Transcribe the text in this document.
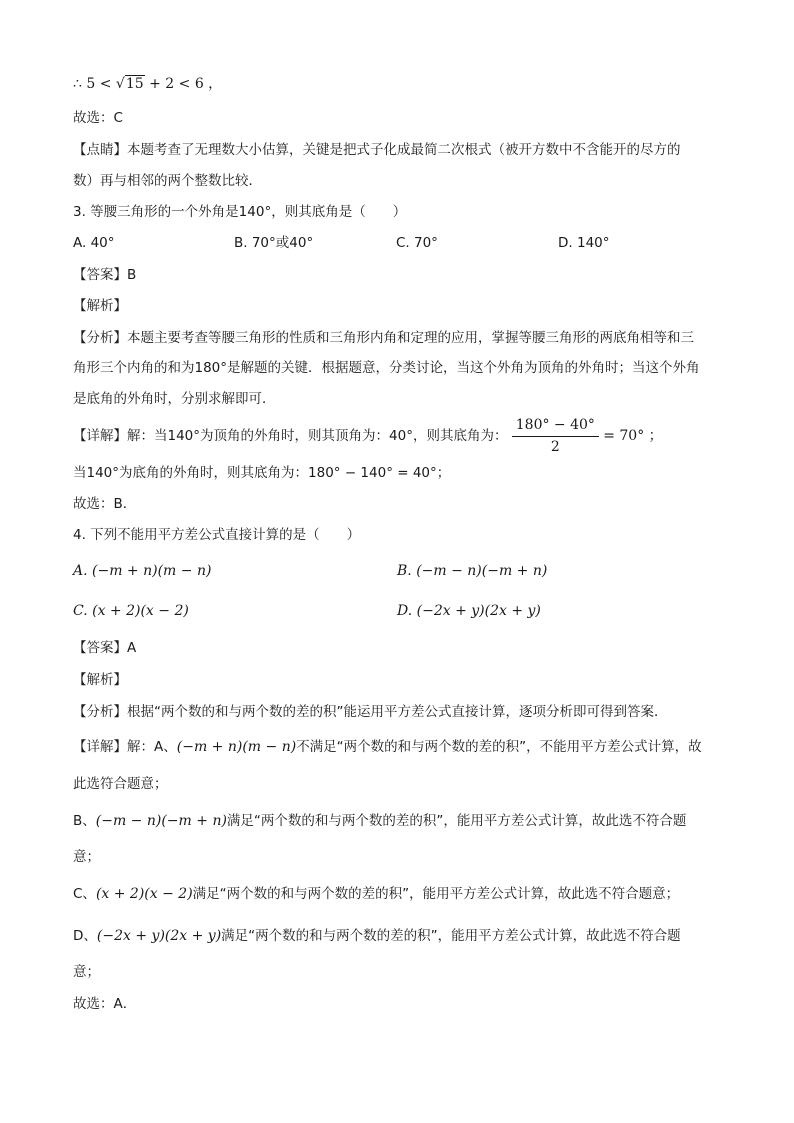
∴ 5 < √15 + 2 < 6 ，
故选：C
【点睛】本题考查了无理数大小估算，关键是把式子化成最简二次根式（被开方数中不含能开的尽方的
数）再与相邻的两个整数比较．
3. 等腰三角形的一个外角是140°，则其底角是（　　）
A. 40°	B. 70°或40°	C. 70°	D. 140°
【答案】B
【解析】
【分析】本题主要考查等腰三角形的性质和三角形内角和定理的应用，掌握等腰三角形的两底角相等和三
角形三个内角的和为180°是解题的关键．根据题意，分类讨论，当这个外角为顶角的外角时；当这个外角
是底角的外角时，分别求解即可．
【详解】解：当140°为顶角的外角时，则其顶角为：40°，则其底角为： $\frac{180^\circ - 40^\circ}{2} = 70^\circ$ ；
当140°为底角的外角时，则其底角为：180° − 140° = 40°；
故选：B．
4. 下列不能用平方差公式直接计算的是（　　）
A. (−m + n)(m − n)	B. (−m − n)(−m + n)
C. (x + 2)(x − 2)	D. (−2x + y)(2x + y)
【答案】A
【解析】
【分析】根据“两个数的和与两个数的差的积”能运用平方差公式直接计算，逐项分析即可得到答案．
【详解】解：A、(−m + n)(m − n)不满足“两个数的和与两个数的差的积”，不能用平方差公式计算，故
此选符合题意；
B、(−m − n)(−m + n)满足“两个数的和与两个数的差的积”，能用平方差公式计算，故此选不符合题
意；
C、(x + 2)(x − 2)满足“两个数的和与两个数的差的积”，能用平方差公式计算，故此选不符合题意；
D、(−2x + y)(2x + y)满足“两个数的和与两个数的差的积”，能用平方差公式计算，故此选不符合题
意；
故选：A．
